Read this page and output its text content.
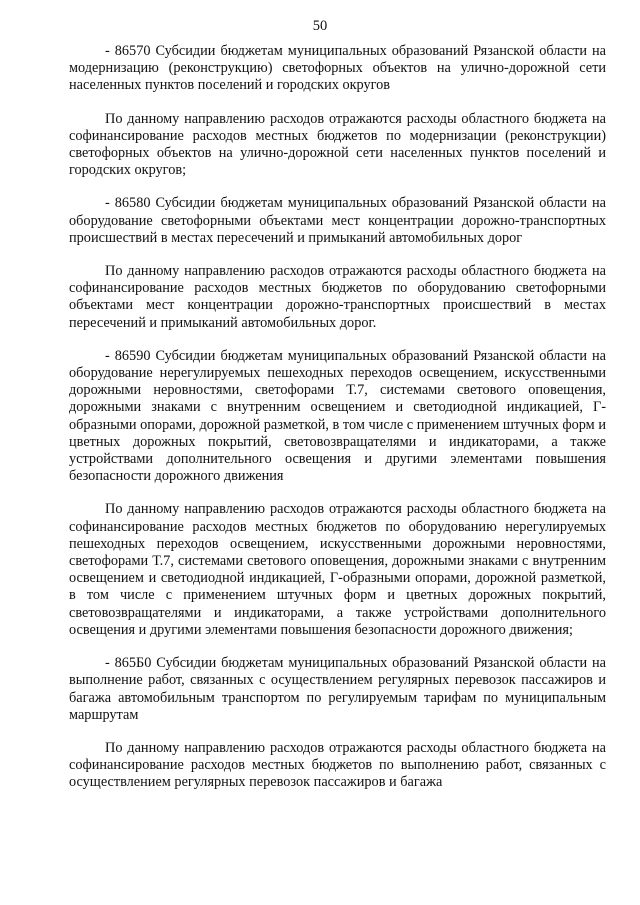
50

- 86570 Субсидии бюджетам муниципальных образований Рязанской области на модернизацию (реконструкцию) светофорных объектов на улично-дорожной сети населенных пунктов поселений и городских округов

По данному направлению расходов отражаются расходы областного бюджета на софинансирование расходов местных бюджетов по модернизации (реконструкции) светофорных объектов на улично-дорожной сети населенных пунктов поселений и городских округов;

- 86580 Субсидии бюджетам муниципальных образований Рязанской области на оборудование светофорными объектами мест концентрации дорожно-транспортных происшествий в местах пересечений и примыканий автомобильных дорог

По данному направлению расходов отражаются расходы областного бюджета на софинансирование расходов местных бюджетов по оборудованию светофорными объектами мест концентрации дорожно-транспортных происшествий в местах пересечений и примыканий автомобильных дорог.

- 86590 Субсидии бюджетам муниципальных образований Рязанской области на оборудование нерегулируемых пешеходных переходов освещением, искусственными дорожными неровностями, светофорами Т.7, системами светового оповещения, дорожными знаками с внутренним освещением и светодиодной индикацией, Г-образными опорами, дорожной разметкой, в том числе с применением штучных форм и цветных дорожных покрытий, световозвращателями и индикаторами, а также устройствами дополнительного освещения и другими элементами повышения безопасности дорожного движения

По данному направлению расходов отражаются расходы областного бюджета на софинансирование расходов местных бюджетов по оборудованию нерегулируемых пешеходных переходов освещением, искусственными дорожными неровностями, светофорами Т.7, системами светового оповещения, дорожными знаками с внутренним освещением и светодиодной индикацией, Г-образными опорами, дорожной разметкой, в том числе с применением штучных форм и цветных дорожных покрытий, световозвращателями и индикаторами, а также устройствами дополнительного освещения и другими элементами повышения безопасности дорожного движения;

- 865Б0 Субсидии бюджетам муниципальных образований Рязанской области на выполнение работ, связанных с осуществлением регулярных перевозок пассажиров и багажа автомобильным транспортом по регулируемым тарифам по муниципальным маршрутам

По данному направлению расходов отражаются расходы областного бюджета на софинансирование расходов местных бюджетов по выполнению работ, связанных с осуществлением регулярных перевозок пассажиров и багажа
